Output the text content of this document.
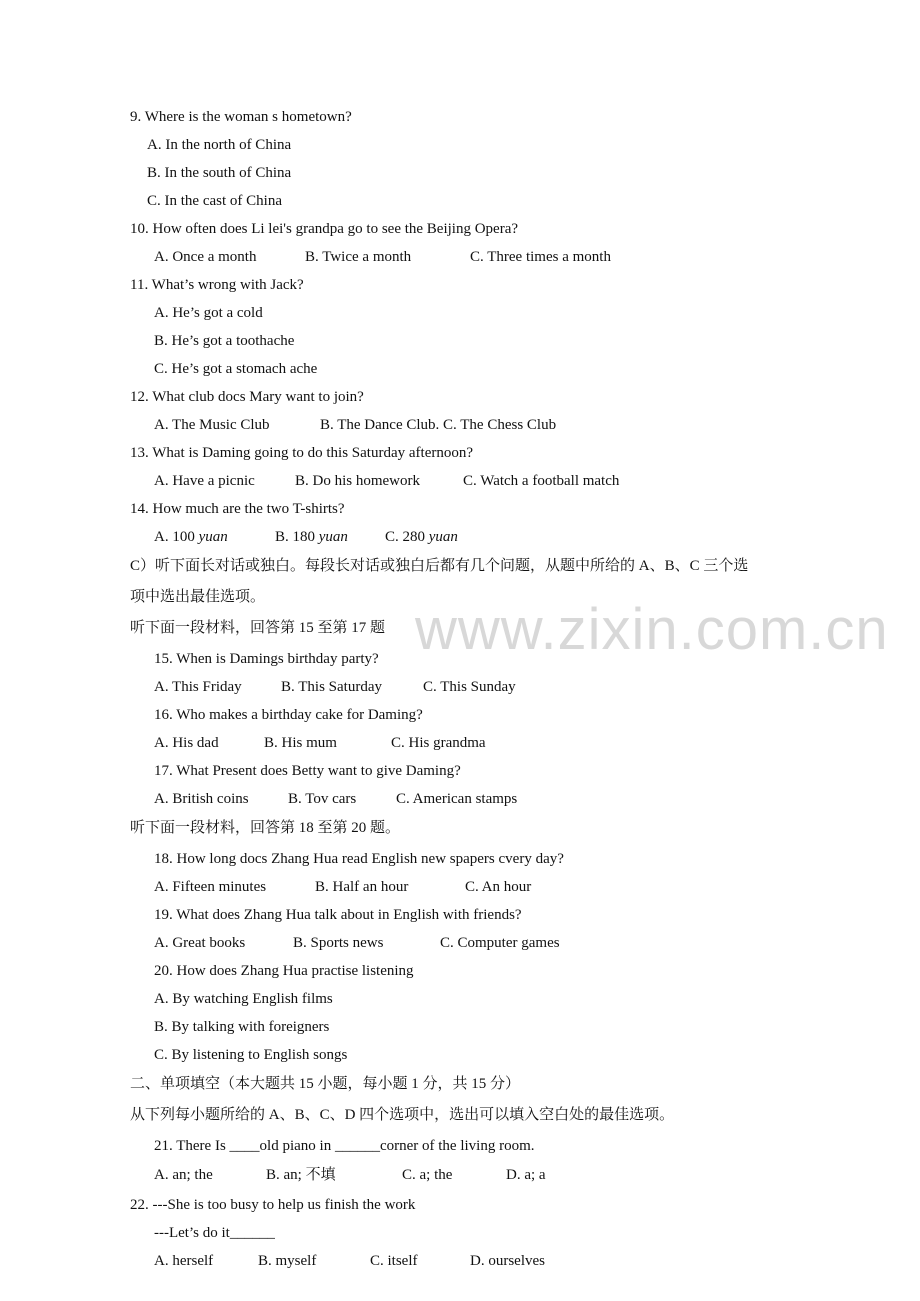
www.zixin.com.cn
9. Where is the woman s hometown?
A. In the north of China
B. In the south of China
C. In the cast of China
10. How often does Li lei's grandpa go to see the Beijing Opera?
A. Once a month	B. Twice a month	C. Three times a month
11. What’s wrong with Jack?
A. He’s got a cold
B. He’s got a toothache
C. He’s got a stomach ache
12. What club docs Mary want to join?
A. The Music Club	B. The Dance Club. C. The Chess Club
13. What is Daming going to do this Saturday afternoon?
A. Have a picnic	B. Do his homework	C. Watch a football match
14. How much are the two T-shirts?
A. 100 yuan	B. 180 yuan C. 280 yuan
C）听下面长对话或独白。每段长对话或独白后都有几个问题，从题中所给的 A、B、C 三个选
项中选出最佳选项。
听下面一段材料，回答第 15 至第 17 题
15. When is Damings birthday party?
A. This Friday	B. This Saturday	C. This Sunday
16. Who makes a birthday cake for Daming?
A. His dad	B. His mum	C. His grandma
17. What Present does Betty want to give Daming?
A. British coins	B. Tov cars	C. American stamps
听下面一段材料，回答第 18 至第 20 题。
18. How long docs Zhang Hua read English new spapers cvery day?
A. Fifteen minutes	B. Half an hour	C. An hour
19. What does Zhang Hua talk about in English with friends?
A. Great books	B. Sports news	C. Computer games
20. How does Zhang Hua practise listening
A. By watching English films
B. By talking with foreigners
C. By listening to English songs
二、单项填空（本大题共 15 小题，每小题 1 分，共 15 分）
从下列每小题所给的 A、B、C、D 四个选项中，选出可以填入空白处的最佳选项。
21. There Is ____old piano in ______corner of the living room.
A. an; the	B. an; 不填	C. a; the	D. a; a
22. ---She is too busy to help us finish the work
---Let’s do it______
A. herself	B. myself	C. itself	D. ourselves
